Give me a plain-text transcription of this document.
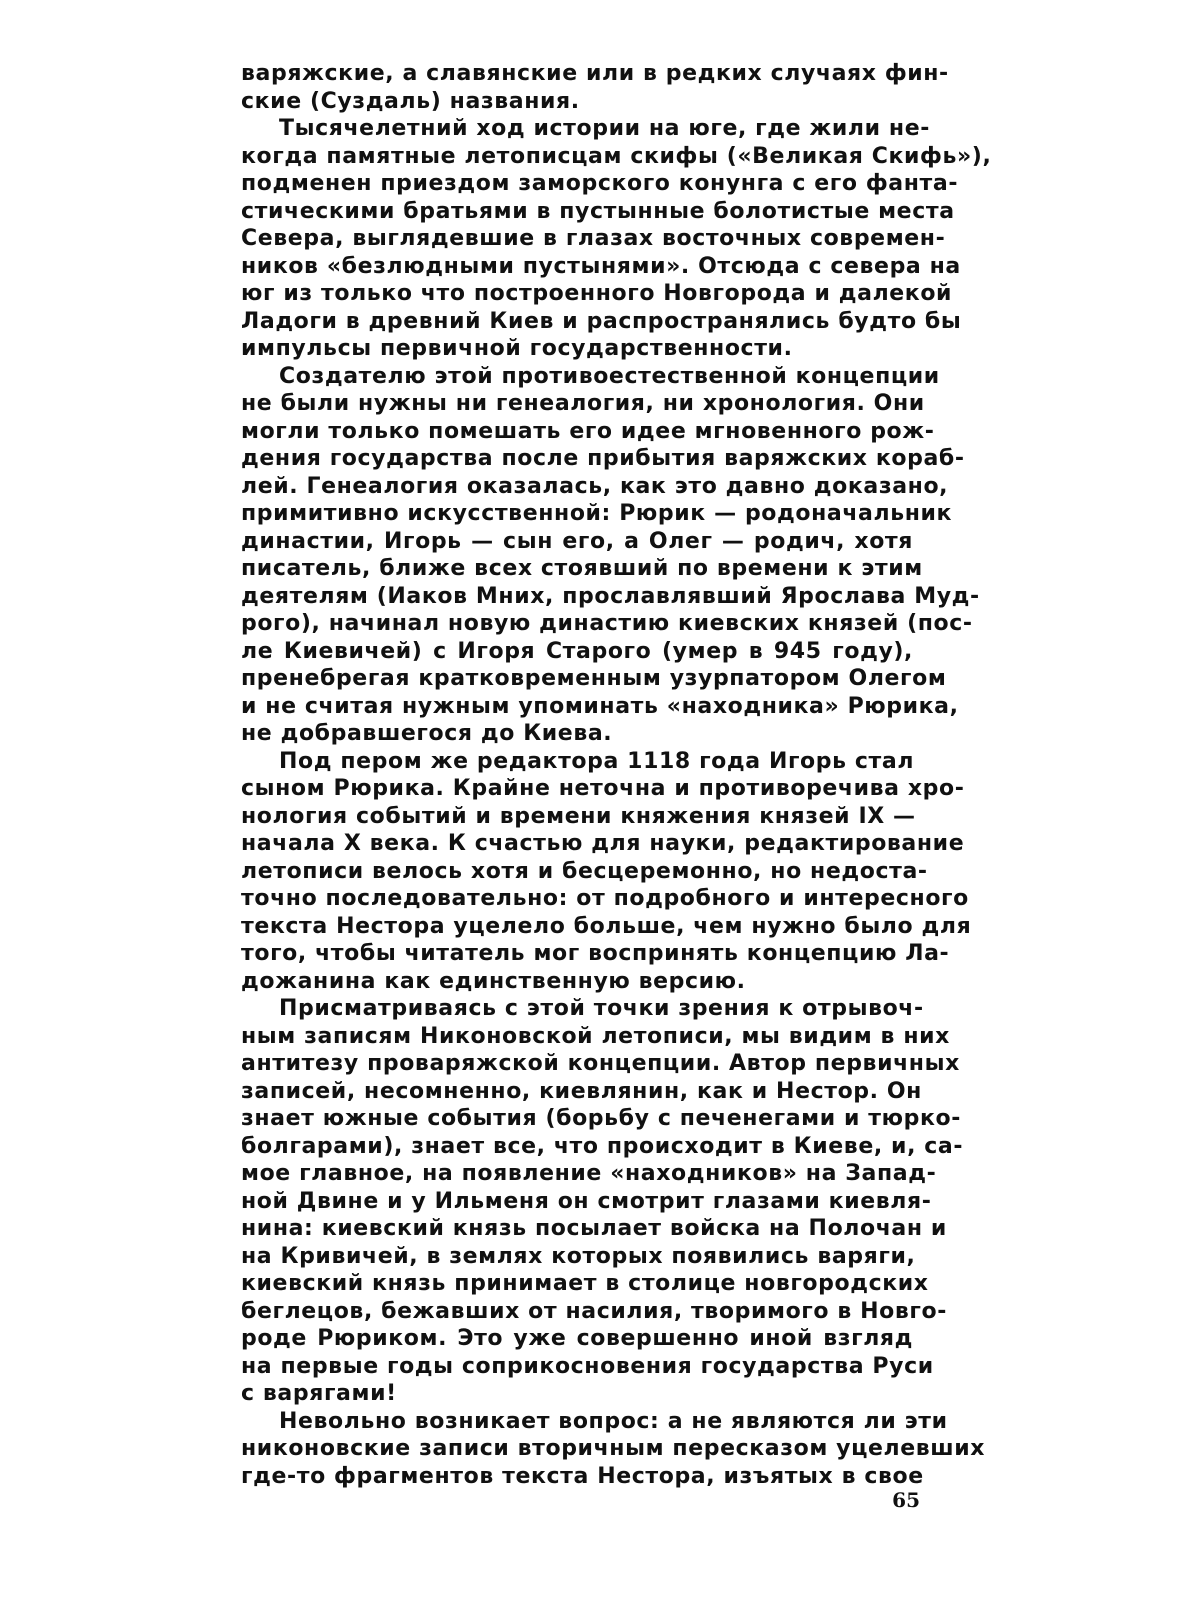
варяжские, а славянские или в редких случаях фин-
ские (Суздаль) названия.
Тысячелетний ход истории на юге, где жили не-
когда памятные летописцам скифы («Великая Скифь»),
подменен приездом заморского конунга с его фанта-
стическими братьями в пустынные болотистые места
Севера, выглядевшие в глазах восточных современ-
ников «безлюдными пустынями». Отсюда с севера на
юг из только что построенного Новгорода и далекой
Ладоги в древний Киев и распространялись будто бы
импульсы первичной государственности.
Создателю этой противоестественной концепции
не были нужны ни генеалогия, ни хронология. Они
могли только помешать его идее мгновенного рож-
дения государства после прибытия варяжских кораб-
лей. Генеалогия оказалась, как это давно доказано,
примитивно искусственной: Рюрик — родоначальник
династии, Игорь — сын его, а Олег — родич, хотя
писатель, ближе всех стоявший по времени к этим
деятелям (Иаков Мних, прославлявший Ярослава Муд-
рого), начинал новую династию киевских князей (пос-
ле Киевичей) с Игоря Старого (умер в 945 году),
пренебрегая кратковременным узурпатором Олегом
и не считая нужным упоминать «находника» Рюрика,
не добравшегося до Киева.
Под пером же редактора 1118 года Игорь стал
сыном Рюрика. Крайне неточна и противоречива хро-
нология событий и времени княжения князей IX —
начала X века. К счастью для науки, редактирование
летописи велось хотя и бесцеремонно, но недоста-
точно последовательно: от подробного и интересного
текста Нестора уцелело больше, чем нужно было для
того, чтобы читатель мог воспринять концепцию Ла-
дожанина как единственную версию.
Присматриваясь с этой точки зрения к отрывоч-
ным записям Никоновской летописи, мы видим в них
антитезу проваряжской концепции. Автор первичных
записей, несомненно, киевлянин, как и Нестор. Он
знает южные события (борьбу с печенегами и тюрко-
болгарами), знает все, что происходит в Киеве, и, са-
мое главное, на появление «находников» на Запад-
ной Двине и у Ильменя он смотрит глазами киевля-
нина: киевский князь посылает войска на Полочан и
на Кривичей, в землях которых появились варяги,
киевский князь принимает в столице новгородских
беглецов, бежавших от насилия, творимого в Новго-
роде Рюриком. Это уже совершенно иной взгляд
на первые годы соприкосновения государства Руси
с варягами!
Невольно возникает вопрос: а не являются ли эти
никоновские записи вторичным пересказом уцелевших
где-то фрагментов текста Нестора, изъятых в свое
65
